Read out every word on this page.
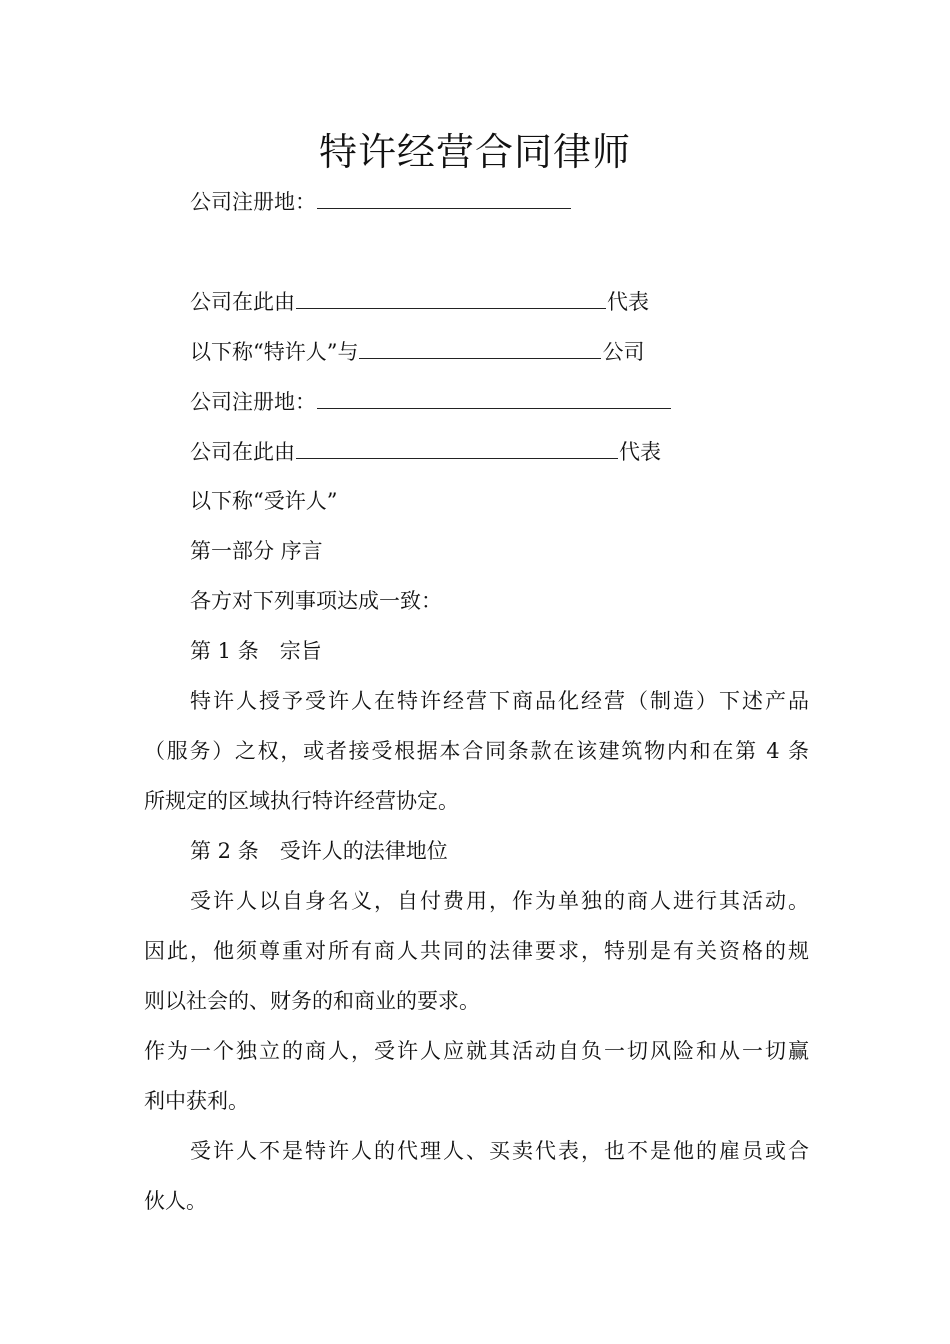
特许经营合同律师
公司注册地：
公司在此由	代表
以下称“特许人”与	公司
公司注册地：
公司在此由	代表
以下称“受许人”
第一部分 序言
各方对下列事项达成一致：
第 1 条　宗旨
特许人授予受许人在特许经营下商品化经营（制造）下述产品
（服务）之权，或者接受根据本合同条款在该建筑物内和在第 4 条
所规定的区域执行特许经营协定。
第 2 条　受许人的法律地位
受许人以自身名义，自付费用，作为单独的商人进行其活动。
因此，他须尊重对所有商人共同的法律要求，特别是有关资格的规
则以社会的、财务的和商业的要求。
作为一个独立的商人，受许人应就其活动自负一切风险和从一切赢
利中获利。
受许人不是特许人的代理人、买卖代表，也不是他的雇员或合
伙人。
